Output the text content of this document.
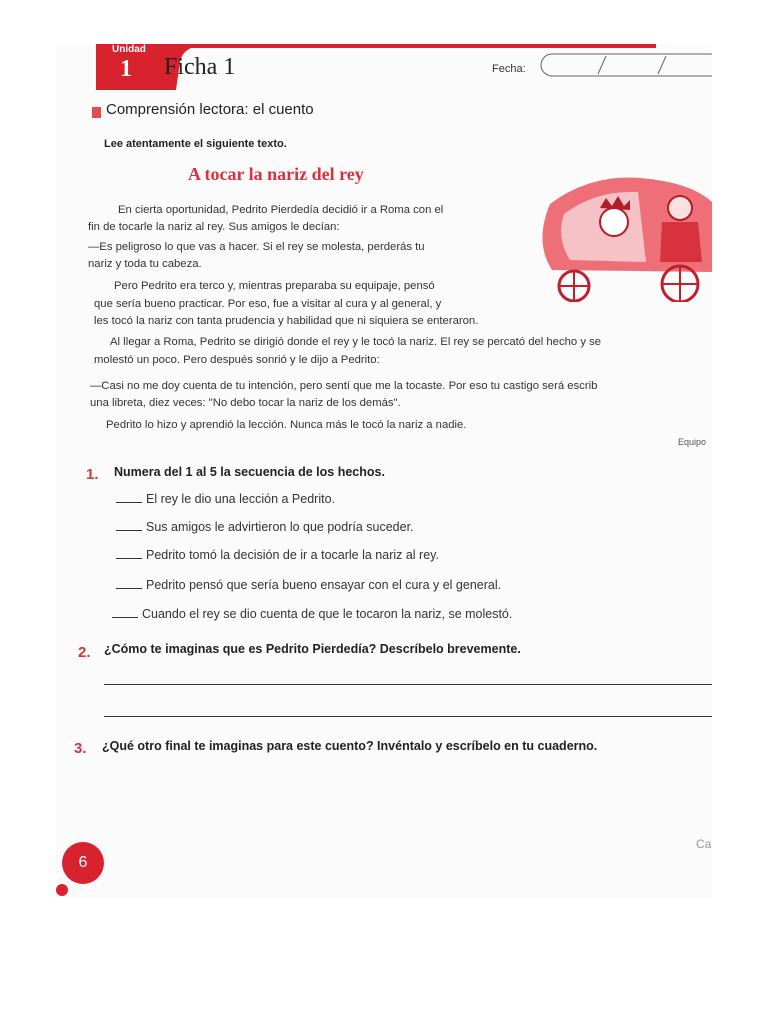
Unidad
1 Ficha 1	Fecha:
Comprensión lectora: el cuento
Lee atentamente el siguiente texto.
A tocar la nariz del rey
En cierta oportunidad, Pedrito Pierdedía decidió ir a Roma con el
fin de tocarle la nariz al rey. Sus amigos le decían:
—Es peligroso lo que vas a hacer. Si el rey se molesta, perderás tu
nariz y toda tu cabeza.
Pero Pedrito era terco y, mientras preparaba su equipaje, pensó
que sería bueno practicar. Por eso, fue a visitar al cura y al general, y
les tocó la nariz con tanta prudencia y habilidad que ni siquiera se enteraron.
Al llegar a Roma, Pedrito se dirigió donde el rey y le tocó la nariz. El rey se percató del hecho y se
molestó un poco. Pero después sonrió y le dijo a Pedrito:
—Casi no me doy cuenta de tu intención, pero sentí que me la tocaste. Por eso tu castigo será escrib
una libreta, diez veces: "No debo tocar la nariz de los demás".
Pedrito lo hizo y aprendió la lección. Nunca más le tocó la nariz a nadie.
Equipo
1. Numera del 1 al 5 la secuencia de los hechos.
El rey le dio una lección a Pedrito.
Sus amigos le advirtieron lo que podría suceder.
Pedrito tomó la decisión de ir a tocarle la nariz al rey.
Pedrito pensó que sería bueno ensayar con el cura y el general.
Cuando el rey se dio cuenta de que le tocaron la nariz, se molestó.
2. ¿Cómo te imaginas que es Pedrito Pierdedía? Descríbelo brevemente.
3. ¿Qué otro final te imaginas para este cuento? Invéntalo y escríbelo en tu cuaderno.
6
Ca
